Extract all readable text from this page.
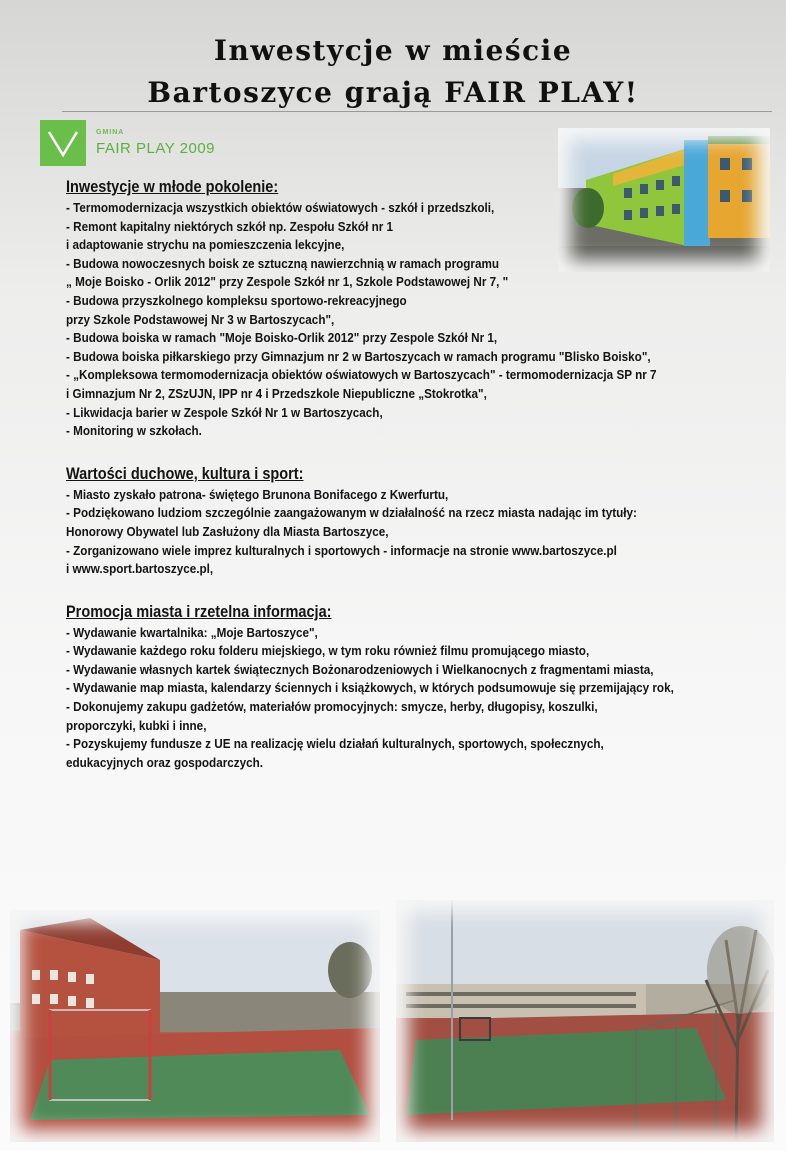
Inwestycje w mieście
Bartoszyce grają FAIR PLAY!
GMINA
FAIR PLAY 2009
Inwestycje w młode pokolenie:
- Termomodernizacja wszystkich obiektów oświatowych - szkół i przedszkoli,
- Remont kapitalny niektórych szkół np. Zespołu Szkół nr 1
i adaptowanie strychu na pomieszczenia lekcyjne,
- Budowa nowoczesnych boisk ze sztuczną nawierzchnią w ramach programu
„ Moje Boisko - Orlik 2012" przy Zespole Szkół nr 1, Szkole Podstawowej Nr 7, "
- Budowa przyszkolnego kompleksu sportowo-rekreacyjnego
przy Szkole Podstawowej Nr 3 w Bartoszycach",
- Budowa boiska w ramach "Moje Boisko-Orlik 2012" przy Zespole Szkół Nr 1,
- Budowa boiska piłkarskiego przy Gimnazjum nr 2 w Bartoszycach w ramach programu "Blisko Boisko",
- „Kompleksowa termomodernizacja obiektów oświatowych w Bartoszycach" - termomodernizacja SP nr 7
i Gimnazjum Nr 2, ZSzUJN, IPP nr 4 i Przedszkole Niepubliczne „Stokrotka",
- Likwidacja barier w Zespole Szkół Nr 1 w Bartoszycach,
- Monitoring w szkołach.
Wartości duchowe, kultura i sport:
- Miasto zyskało patrona- świętego Brunona Bonifacego z Kwerfurtu,
- Podziękowano ludziom szczególnie zaangażowanym w działalność na rzecz miasta nadając im tytuły:
Honorowy Obywatel lub Zasłużony dla Miasta Bartoszyce,
- Zorganizowano wiele imprez kulturalnych i sportowych - informacje na stronie www.bartoszyce.pl
i www.sport.bartoszyce.pl,
Promocja miasta i rzetelna informacja:
- Wydawanie kwartalnika: „Moje Bartoszyce",
- Wydawanie każdego roku folderu miejskiego, w tym roku również filmu promującego miasto,
- Wydawanie własnych kartek świątecznych Bożonarodzeniowych i Wielkanocnych z fragmentami miasta,
- Wydawanie map miasta, kalendarzy ściennych i książkowych, w których podsumowuje się przemijający rok,
- Dokonujemy zakupu gadżetów, materiałów promocyjnych: smycze, herby, długopisy, koszulki,
proporczyki, kubki i inne,
- Pozyskujemy fundusze z UE na realizację wielu działań kulturalnych, sportowych, społecznych,
edukacyjnych oraz gospodarczych.
